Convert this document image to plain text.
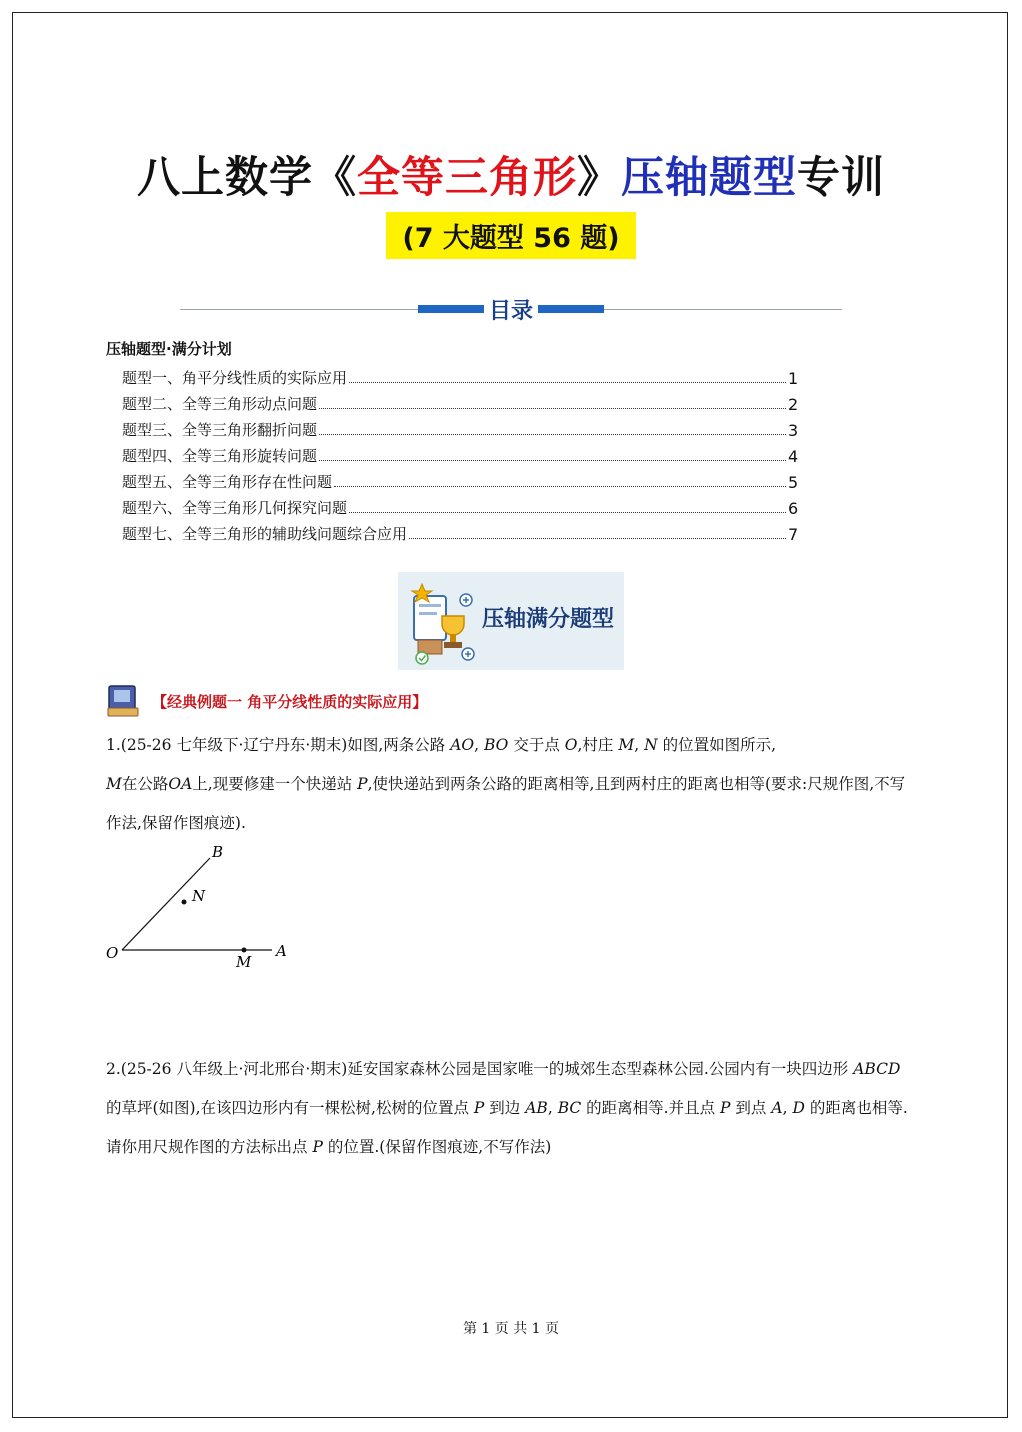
八上数学《全等三角形》压轴题型专训
(7 大题型 56 题)
目录
压轴题型·满分计划
题型一、角平分线性质的实际应用	1
题型二、全等三角形动点问题	2
题型三、全等三角形翻折问题	3
题型四、全等三角形旋转问题	4
题型五、全等三角形存在性问题	5
题型六、全等三角形几何探究问题	6
题型七、全等三角形的辅助线问题综合应用	7
压轴满分题型
【经典例题一 角平分线性质的实际应用】
1.(25-26 七年级下·辽宁丹东·期末)如图,两条公路 AO, BO 交于点 O,村庄 M, N 的位置如图所示,
M在公路OA上,现要修建一个快递站 P,使快递站到两条公路的距离相等,且到两村庄的距离也相等(要求:尺规作图,不写作法,保留作图痕迹).
B
N
O	M
A
2.(25-26 八年级上·河北邢台·期末)延安国家森林公园是国家唯一的城郊生态型森林公园.公园内有一块四边形 ABCD 的草坪(如图),在该四边形内有一棵松树,松树的位置点 P 到边 AB, BC 的距离相等.并且点 P 到点 A, D 的距离也相等.请你用尺规作图的方法标出点 P 的位置.(保留作图痕迹,不写作法)
第 1 页 共 1 页
